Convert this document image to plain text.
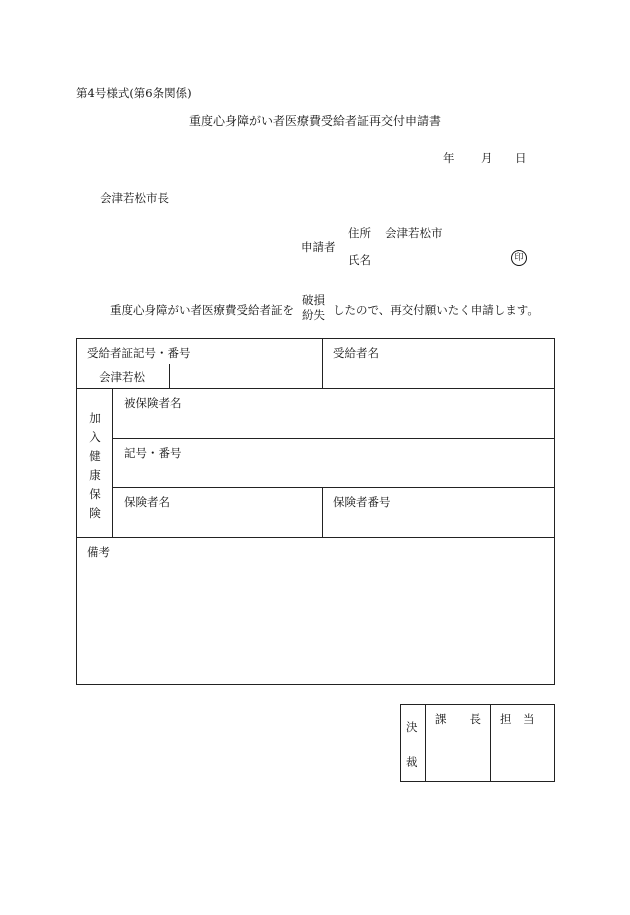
第4号様式(第6条関係)
重度心身障がい者医療費受給者証再交付申請書
年 月 日
会津若松市長
申請者
住所 会津若松市
氏名	印
重度心身障がい者医療費受給者証を
破損
紛失 したので、再交付願いたく申請します。
受給者証記号・番号
会津若松
受給者名
加
入
健
康
保
険
被保険者名
記号・番号
保険者名	保険者番号
備考
決
裁
課　　長 担　当
